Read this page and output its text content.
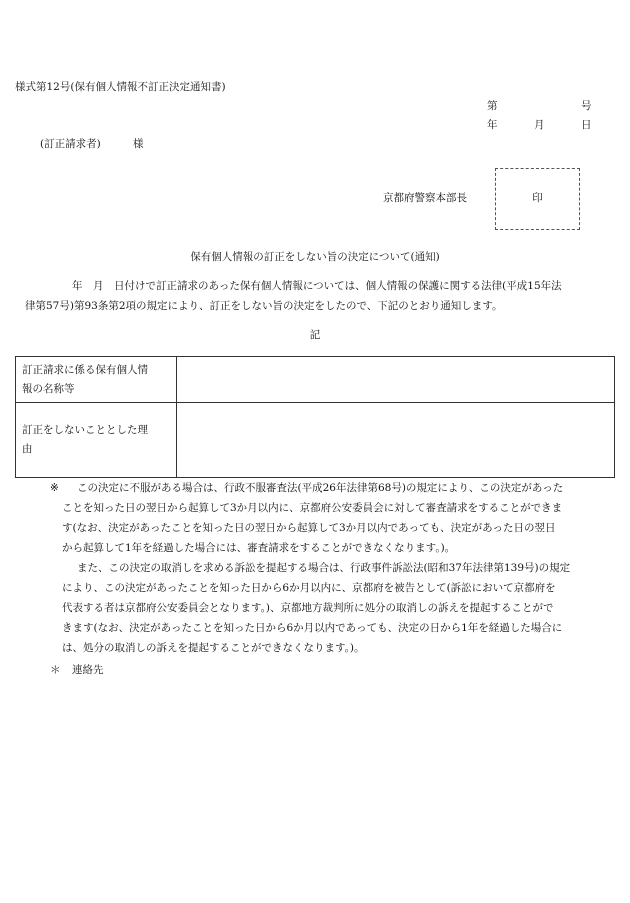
様式第12号(保有個人情報不訂正決定通知書)
第	号
年	月	日
(訂正請求者)	様
京都府警察本部長	印
保有個人情報の訂正をしない旨の決定について(通知)
年　月　日付けで訂正請求のあった保有個人情報については、個人情報の保護に関する法律(平成15年法
律第57号)第93条第2項の規定により、訂正をしない旨の決定をしたので、下記のとおり通知します。
記
訂正請求に係る保有個人情
報の名称等	

訂正をしないこととした理
由	

※ この決定に不服がある場合は、行政不服審査法(平成26年法律第68号)の規定により、この決定があった
ことを知った日の翌日から起算して3か月以内に、京都府公安委員会に対して審査請求をすることができま
す(なお、決定があったことを知った日の翌日から起算して3か月以内であっても、決定があった日の翌日
から起算して1年を経過した場合には、審査請求をすることができなくなります。)。
また、この決定の取消しを求める訴訟を提起する場合は、行政事件訴訟法(昭和37年法律第139号)の規定
により、この決定があったことを知った日から6か月以内に、京都府を被告として(訴訟において京都府を
代表する者は京都府公安委員会となります。)、京都地方裁判所に処分の取消しの訴えを提起することがで
きます(なお、決定があったことを知った日から6か月以内であっても、決定の日から1年を経過した場合に
は、処分の取消しの訴えを提起することができなくなります。)。
＊ 連絡先
